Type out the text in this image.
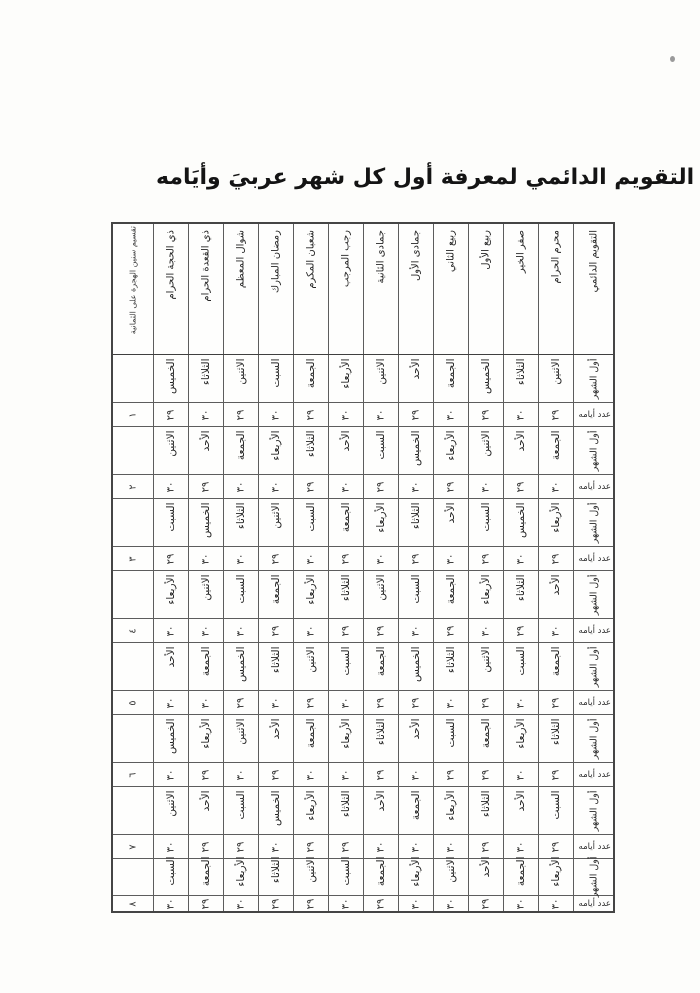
التقويم الدائمي لمعرفة أول كل شهر عربيَ وأيَامه
التقويم الدائمي	محرم الحرام	صفر الخير	ربيع الأول	ربيع الثاني	جمادى الأول	جمادى الثانية	رجب المرجب	شعبان المكرم	رمضان المبارك	شوال المعظم	ذي القعدة الحرام	ذي الحجة الحرام	تقسيم سنين الهجرة على الثمانية

أول الشهر	الاثنين	الثلاثاء	الخميس	الجمعة	الأحد	الاثنين	الأربعاء	الجمعة	السبت	الاثنين	الثلاثاء	الخميس	

عدد أيامه	٢٩	٣٠	٢٩	٣٠	٢٩	٣٠	٣٠	٢٩	٣٠	٢٩	٣٠	٢٩	١

أول الشهر	الجمعة	الأحد	الاثنين	الأربعاء	الخميس	السبت	الأحد	الثلاثاء	الأربعاء	الجمعة	الأحد	الاثنين	

عدد أيامه	٣٠	٢٩	٣٠	٢٩	٣٠	٢٩	٣٠	٢٩	٣٠	٣٠	٢٩	٣٠	٢

أول الشهر	الأربعاء	الخميس	السبت	الأحد	الثلاثاء	الأربعاء	الجمعة	السبت	الاثنين	الثلاثاء	الخميس	السبت	

عدد أيامه	٢٩	٣٠	٢٩	٣٠	٢٩	٣٠	٢٩	٣٠	٢٩	٣٠	٣٠	٢٩	٣

أول الشهر	الأحد	الثلاثاء	الأربعاء	الجمعة	السبت	الاثنين	الثلاثاء	الأربعاء	الجمعة	السبت	الاثنين	الأربعاء	

عدد أيامه	٣٠	٢٩	٣٠	٢٩	٣٠	٢٩	٢٩	٣٠	٢٩	٣٠	٣٠	٣٠	٤

أول الشهر	الجمعة	السبت	الاثنين	الثلاثاء	الخميس	الجمعة	السبت	الاثنين	الثلاثاء	الخميس	الجمعة	الأحد	

عدد أيامه	٢٩	٣٠	٢٩	٣٠	٢٩	٢٩	٣٠	٢٩	٣٠	٢٩	٣٠	٣٠	٥

أول الشهر	الثلاثاء	الأربعاء	الجمعة	السبت	الأحد	الثلاثاء	الأربعاء	الجمعة	الأحد	الاثنين	الأربعاء	الخميس	

عدد أيامه	٢٩	٣٠	٢٩	٢٩	٣٠	٢٩	٣٠	٣٠	٢٩	٣٠	٢٩	٣٠	٦

أول الشهر	السبت	الأحد	الثلاثاء	الأربعاء	الجمعة	الأحد	الثلاثاء	الأربعاء	الخميس	السبت	الأحد	الاثنين	

عدد أيامه	٢٩	٣٠	٢٩	٣٠	٣٠	٣٠	٢٩	٢٩	٣٠	٢٩	٢٩	٣٠	٧

أول الشهر	الأربعاء	الجمعة	الأحد	الاثنين	الأربعاء	الجمعة	السبت	الاثنين	الثلاثاء	الأربعاء	الجمعة	السبت	

عدد أيامه	٣٠	٣٠	٢٩	٣٠	٣٠	٢٩	٣٠	٢٩	٢٩	٣٠	٢٩	٣٠	٨
